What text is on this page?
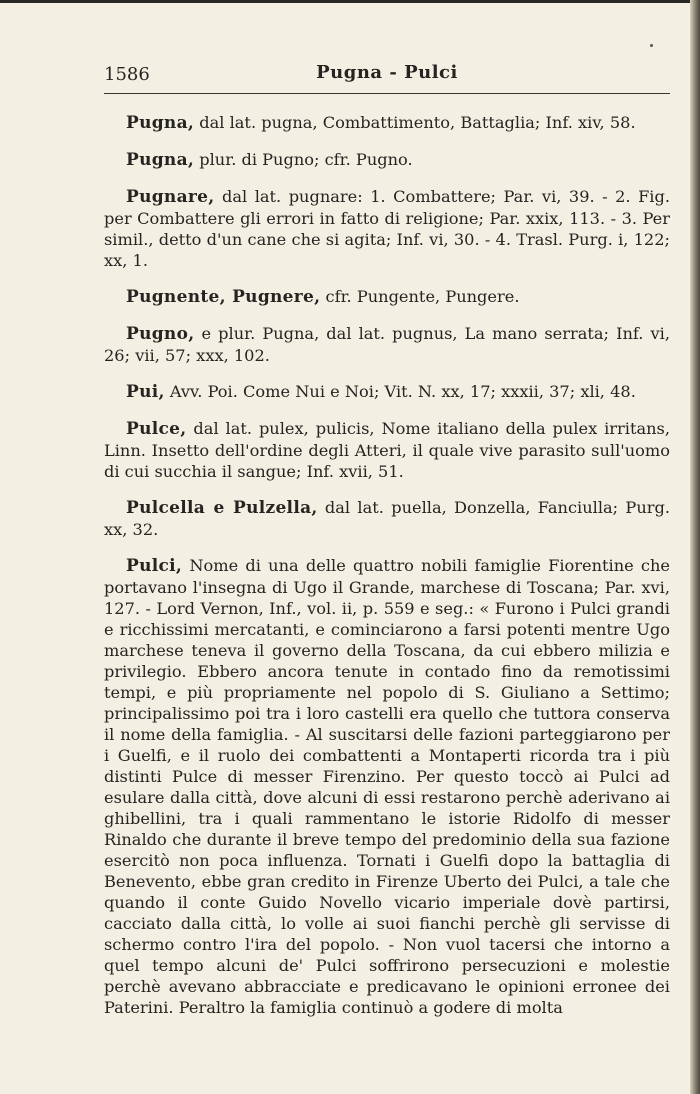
1586	Pugna - Pulci

Pugna, dal lat. pugna, Combattimento, Battaglia; Inf. xiv, 58.

Pugna, plur. di Pugno; cfr. Pugno.

Pugnare, dal lat. pugnare: 1. Combattere; Par. vi, 39. - 2. Fig. per Combattere gli errori in fatto di religione; Par. xxix, 113. - 3. Per simil., detto d'un cane che si agita; Inf. vi, 30. - 4. Trasl. Purg. i, 122; xx, 1.

Pugnente, Pugnere, cfr. Pungente, Pungere.

Pugno, e plur. Pugna, dal lat. pugnus, La mano serrata; Inf. vi, 26; vii, 57; xxx, 102.

Pui, Avv. Poi. Come Nui e Noi; Vit. N. xx, 17; xxxii, 37; xli, 48.

Pulce, dal lat. pulex, pulicis, Nome italiano della pulex irritans, Linn. Insetto dell'ordine degli Atteri, il quale vive parasito sull'uomo di cui succhia il sangue; Inf. xvii, 51.

Pulcella e Pulzella, dal lat. puella, Donzella, Fanciulla; Purg. xx, 32.

Pulci, Nome di una delle quattro nobili famiglie Fiorentine che portavano l'insegna di Ugo il Grande, marchese di Toscana; Par. xvi, 127. - Lord Vernon, Inf., vol. ii, p. 559 e seg.: « Furono i Pulci grandi e ricchissimi mercatanti, e cominciarono a farsi potenti mentre Ugo marchese teneva il governo della Toscana, da cui ebbero milizia e privilegio. Ebbero ancora tenute in contado fino da remotissimi tempi, e più propriamente nel popolo di S. Giuliano a Settimo; principalissimo poi tra i loro castelli era quello che tuttora conserva il nome della famiglia. - Al suscitarsi delle fazioni parteggiarono per i Guelfi, e il ruolo dei combattenti a Montaperti ricorda tra i più distinti Pulce di messer Firenzino. Per questo toccò ai Pulci ad esulare dalla città, dove alcuni di essi restarono perchè aderivano ai ghibellini, tra i quali rammentano le istorie Ridolfo di messer Rinaldo che durante il breve tempo del predominio della sua fazione esercitò non poca influenza. Tornati i Guelfi dopo la battaglia di Benevento, ebbe gran credito in Firenze Uberto dei Pulci, a tale che quando il conte Guido Novello vicario imperiale dovè partirsi, cacciato dalla città, lo volle ai suoi fianchi perchè gli servisse di schermo contro l'ira del popolo. - Non vuol tacersi che intorno a quel tempo alcuni de' Pulci soffrirono persecuzioni e molestie perchè avevano abbracciate e predicavano le opinioni erronee dei Paterini. Peraltro la famiglia continuò a godere di molta
